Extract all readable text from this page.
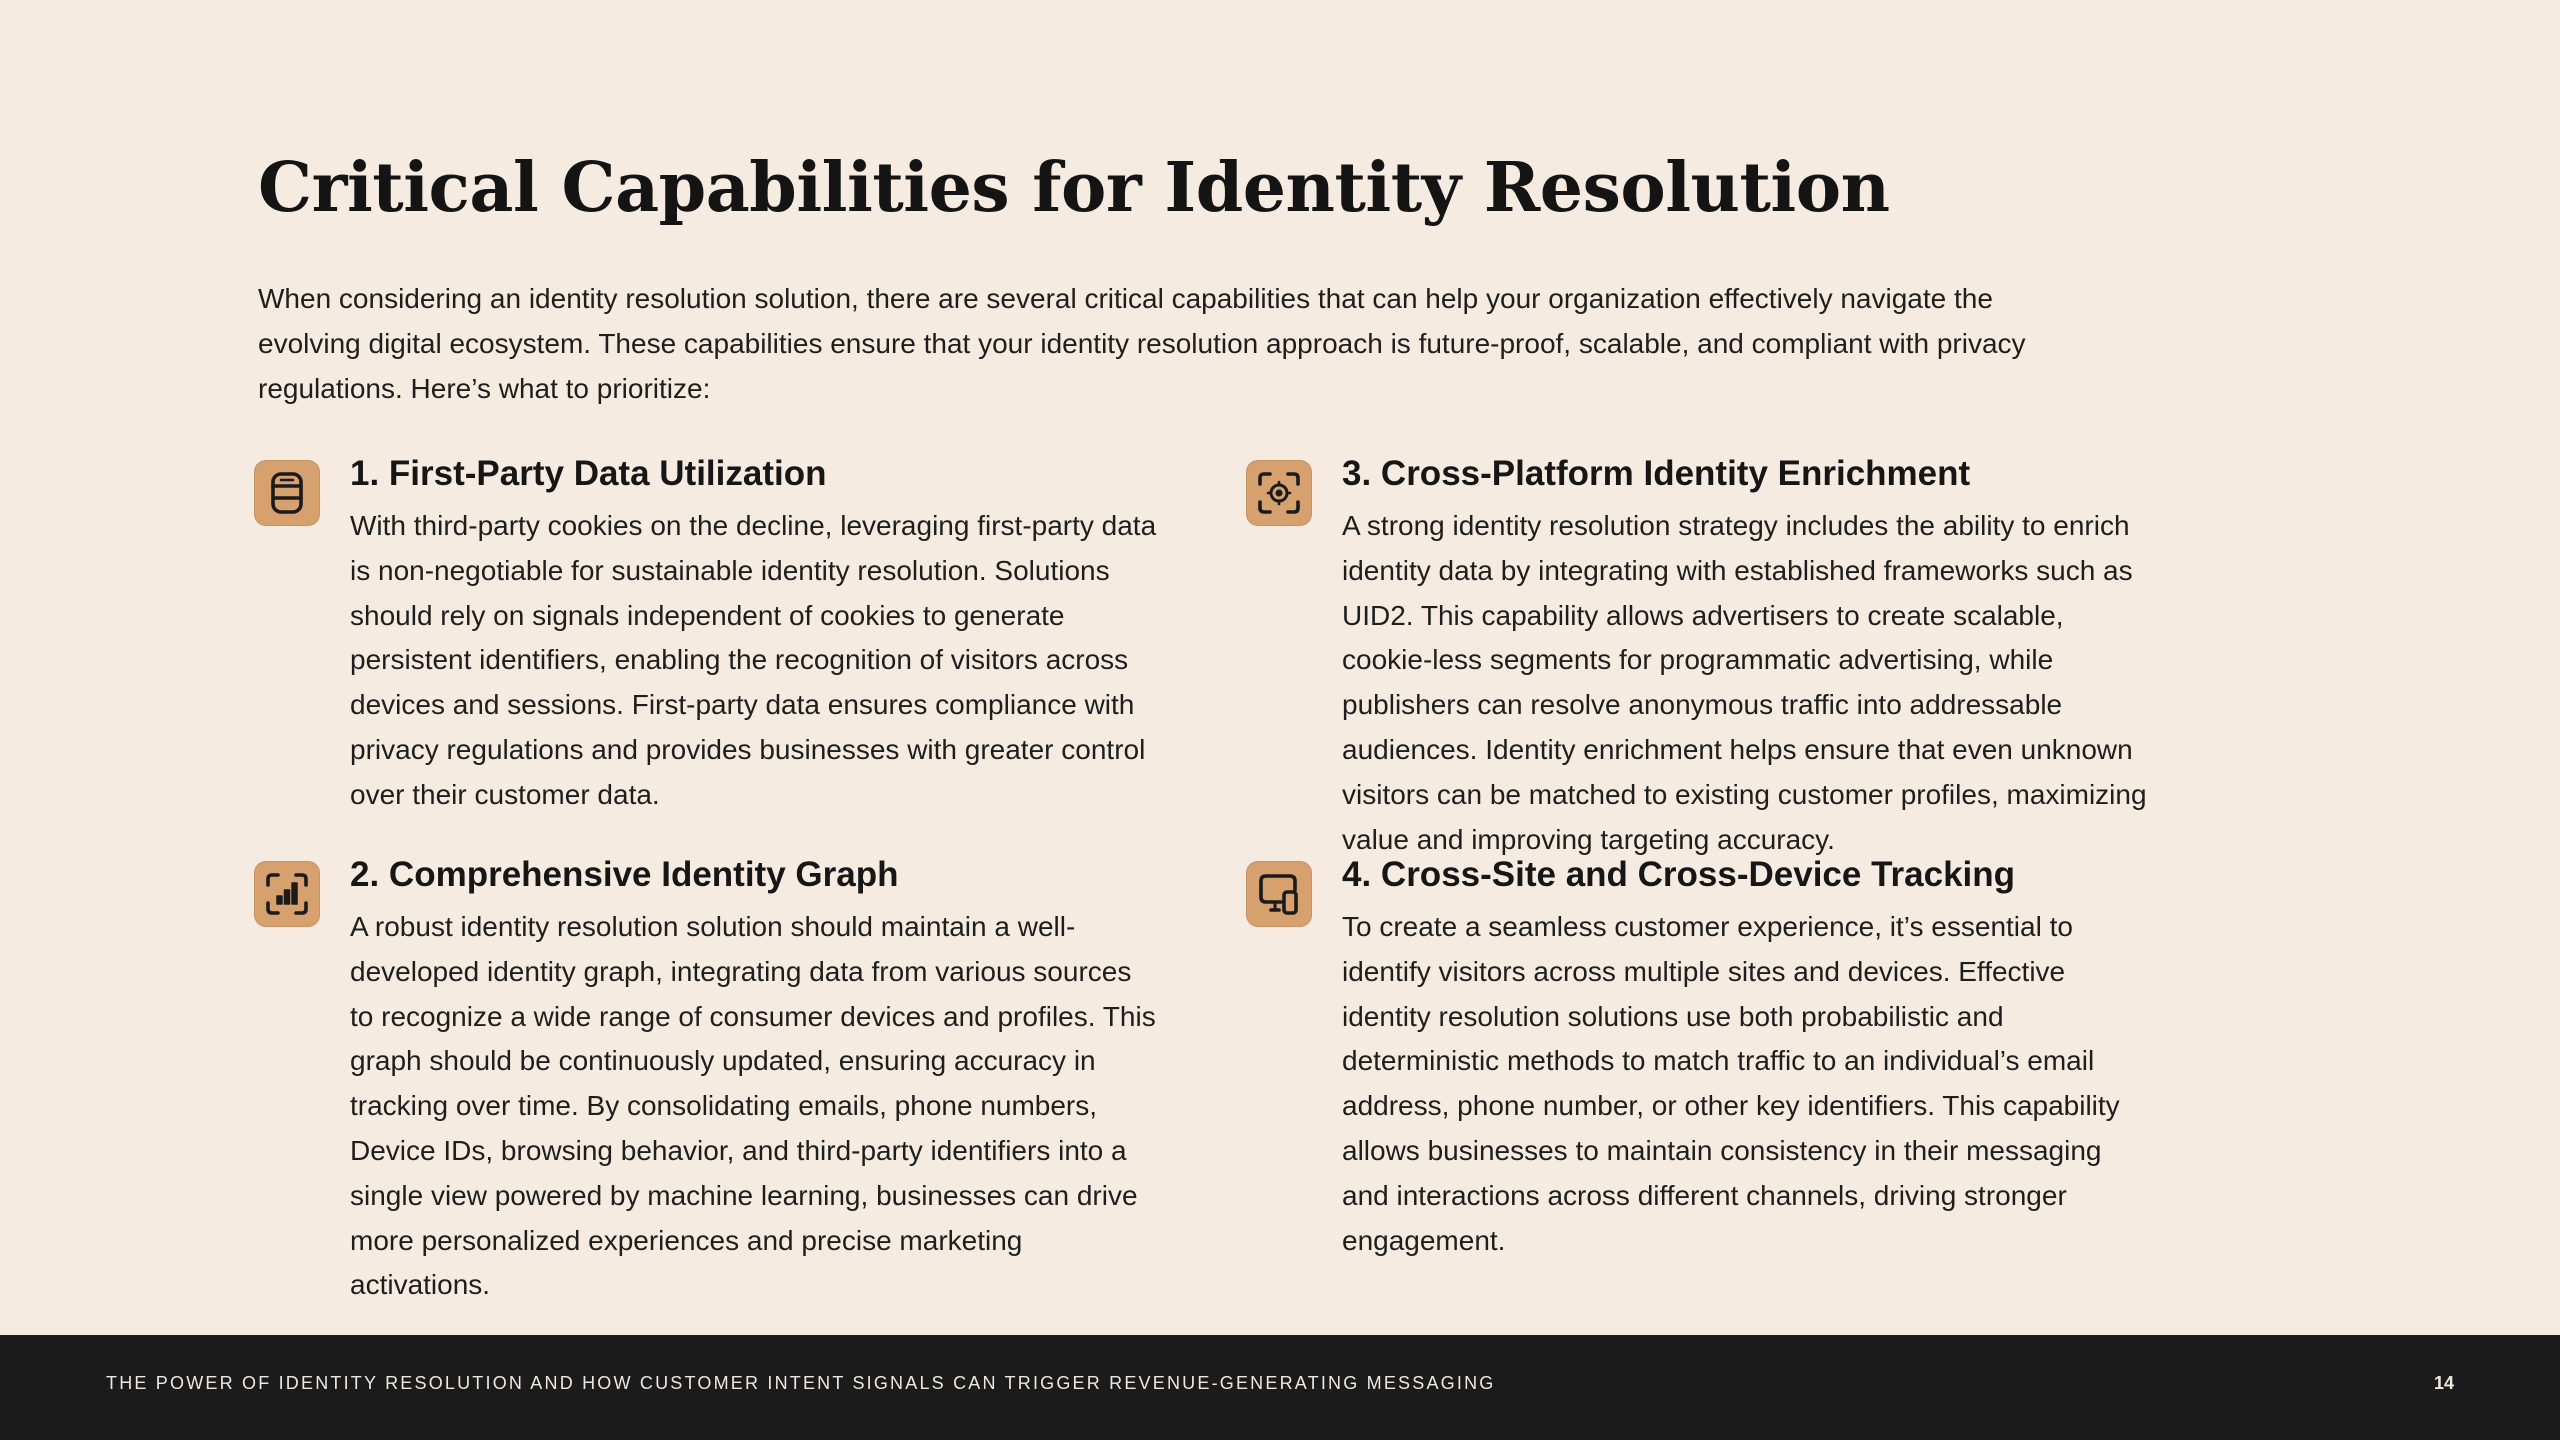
Critical Capabilities for Identity Resolution

When considering an identity resolution solution, there are several critical capabilities that can help your organization effectively navigate the evolving digital ecosystem. These capabilities ensure that your identity resolution approach is future-proof, scalable, and compliant with privacy regulations. Here’s what to prioritize:

1. First-Party Data Utilization

With third-party cookies on the decline, leveraging first-party data is non-negotiable for sustainable identity resolution. Solutions should rely on signals independent of cookies to generate persistent identifiers, enabling the recognition of visitors across devices and sessions. First-party data ensures compliance with privacy regulations and provides businesses with greater control over their customer data.

2. Comprehensive Identity Graph

A robust identity resolution solution should maintain a well-developed identity graph, integrating data from various sources to recognize a wide range of consumer devices and profiles. This graph should be continuously updated, ensuring accuracy in tracking over time. By consolidating emails, phone numbers, Device IDs, browsing behavior, and third-party identifiers into a single view powered by machine learning, businesses can drive more personalized experiences and precise marketing activations.

3. Cross-Platform Identity Enrichment

A strong identity resolution strategy includes the ability to enrich identity data by integrating with established frameworks such as UID2. This capability allows advertisers to create scalable, cookie-less segments for programmatic advertising, while publishers can resolve anonymous traffic into addressable audiences. Identity enrichment helps ensure that even unknown visitors can be matched to existing customer profiles, maximizing value and improving targeting accuracy.

4. Cross-Site and Cross-Device Tracking

To create a seamless customer experience, it’s essential to identify visitors across multiple sites and devices. Effective identity resolution solutions use both probabilistic and deterministic methods to match traffic to an individual’s email address, phone number, or other key identifiers. This capability allows businesses to maintain consistency in their messaging and interactions across different channels, driving stronger engagement.

THE POWER OF IDENTITY RESOLUTION AND HOW CUSTOMER INTENT SIGNALS CAN TRIGGER REVENUE-GENERATING MESSAGING	14
